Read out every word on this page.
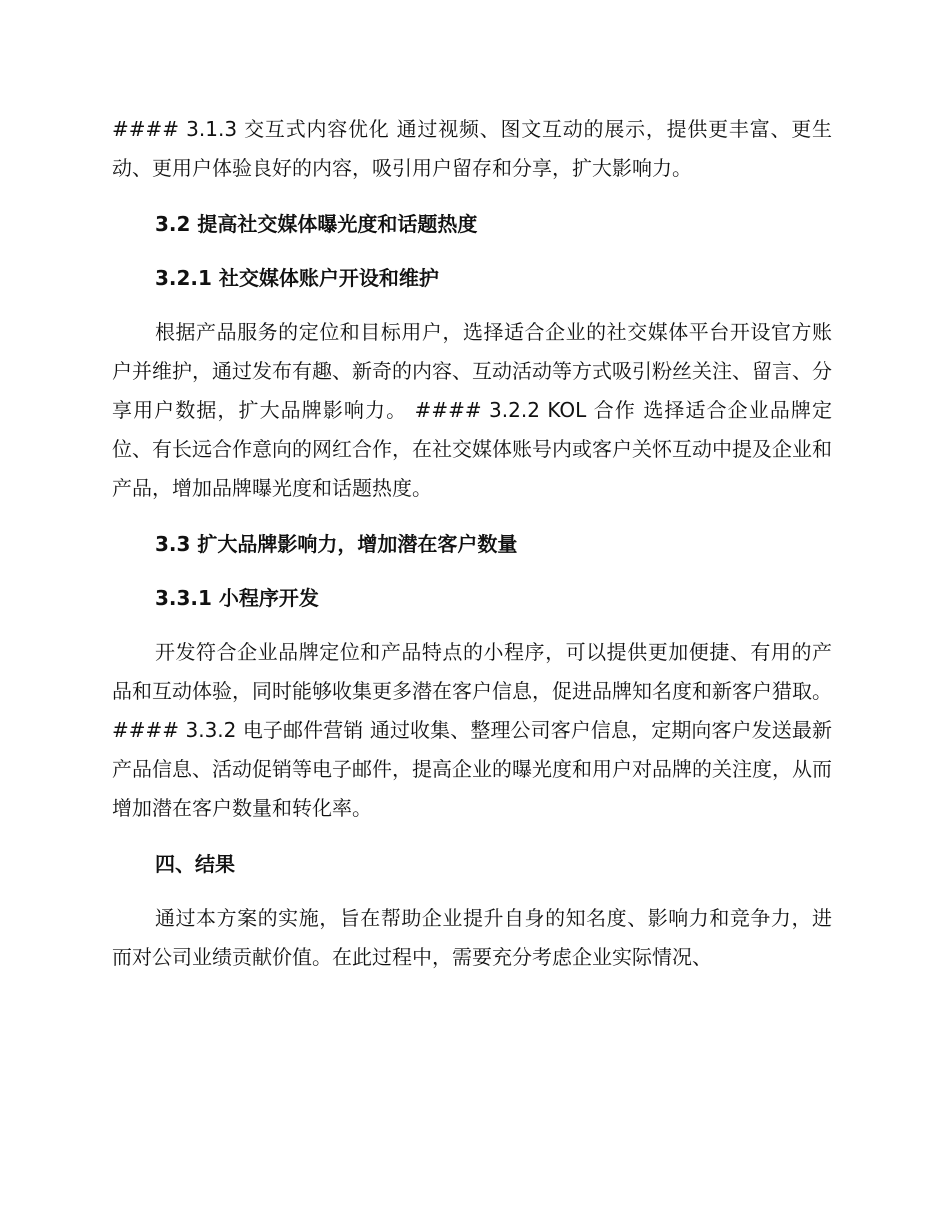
#### 3.1.3 交互式内容优化 通过视频、图文互动的展示，提供更丰富、更生动、更用户体验良好的内容，吸引用户留存和分享，扩大影响力。

3.2 提高社交媒体曝光度和话题热度
3.2.1 社交媒体账户开设和维护

根据产品服务的定位和目标用户，选择适合企业的社交媒体平台开设官方账户并维护，通过发布有趣、新奇的内容、互动活动等方式吸引粉丝关注、留言、分享用户数据，扩大品牌影响力。 #### 3.2.2 KOL 合作 选择适合企业品牌定位、有长远合作意向的网红合作，在社交媒体账号内或客户关怀互动中提及企业和产品，增加品牌曝光度和话题热度。

3.3 扩大品牌影响力，增加潜在客户数量
3.3.1 小程序开发

开发符合企业品牌定位和产品特点的小程序，可以提供更加便捷、有用的产品和互动体验，同时能够收集更多潜在客户信息，促进品牌知名度和新客户猎取。 #### 3.3.2 电子邮件营销 通过收集、整理公司客户信息，定期向客户发送最新产品信息、活动促销等电子邮件，提高企业的曝光度和用户对品牌的关注度，从而增加潜在客户数量和转化率。

四、结果

通过本方案的实施，旨在帮助企业提升自身的知名度、影响力和竞争力，进而对公司业绩贡献价值。在此过程中，需要充分考虑企业实际情况、
